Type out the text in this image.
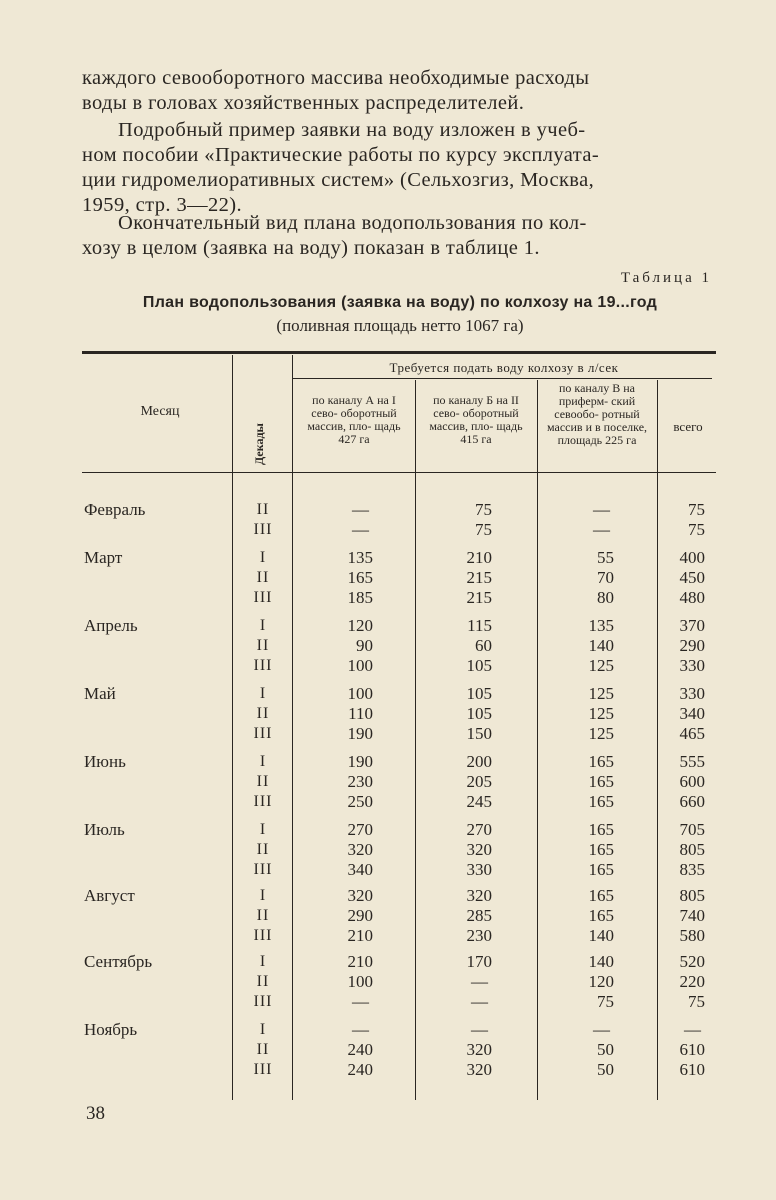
каждого севооборотного массива необходимые расходы
воды в головах хозяйственных распределителей.
Подробный пример заявки на воду изложен в учеб-
ном пособии «Практические работы по курсу эксплуата-
ции гидромелиоративных систем» (Сельхозгиз, Москва,
1959, стр. 3—22).
Окончательный вид плана водопользования по кол-
хозу в целом (заявка на воду) показан в таблице 1.
Таблица 1
План водопользования (заявка на воду) по колхозу на 19...год
(поливная площадь нетто 1067 га)
Месяц
Декады
Требуется подать воду колхозу в л/сек
по каналу А на I сево- оборотный массив, пло- щадь 427 га
по каналу Б на II сево- оборотный массив, пло- щадь 415 га
по каналу В на приферм- ский севообо- ротный массив и в поселке, площадь 225 га
всего
Февраль	II	—	75	—	75
III	—	75	—	75
Март	I	135	210	55	400
II	165	215	70	450
III	185	215	80	480
Апрель	I	120	115	135	370
II	90	60	140	290
III	100	105	125	330
Май	I	100	105	125	330
II	110	105	125	340
III	190	150	125	465
Июнь	I	190	200	165	555
II	230	205	165	600
III	250	245	165	660
Июль	I	270	270	165	705
II	320	320	165	805
III	340	330	165	835
Август	I	320	320	165	805
II	290	285	165	740
III	210	230	140	580
Сентябрь	I	210	170	140	520
II	100	—	120	220
III	—	—	75	75
Ноябрь	I	—	—	—	—
II	240	320	50	610
III	240	320	50	610
38
